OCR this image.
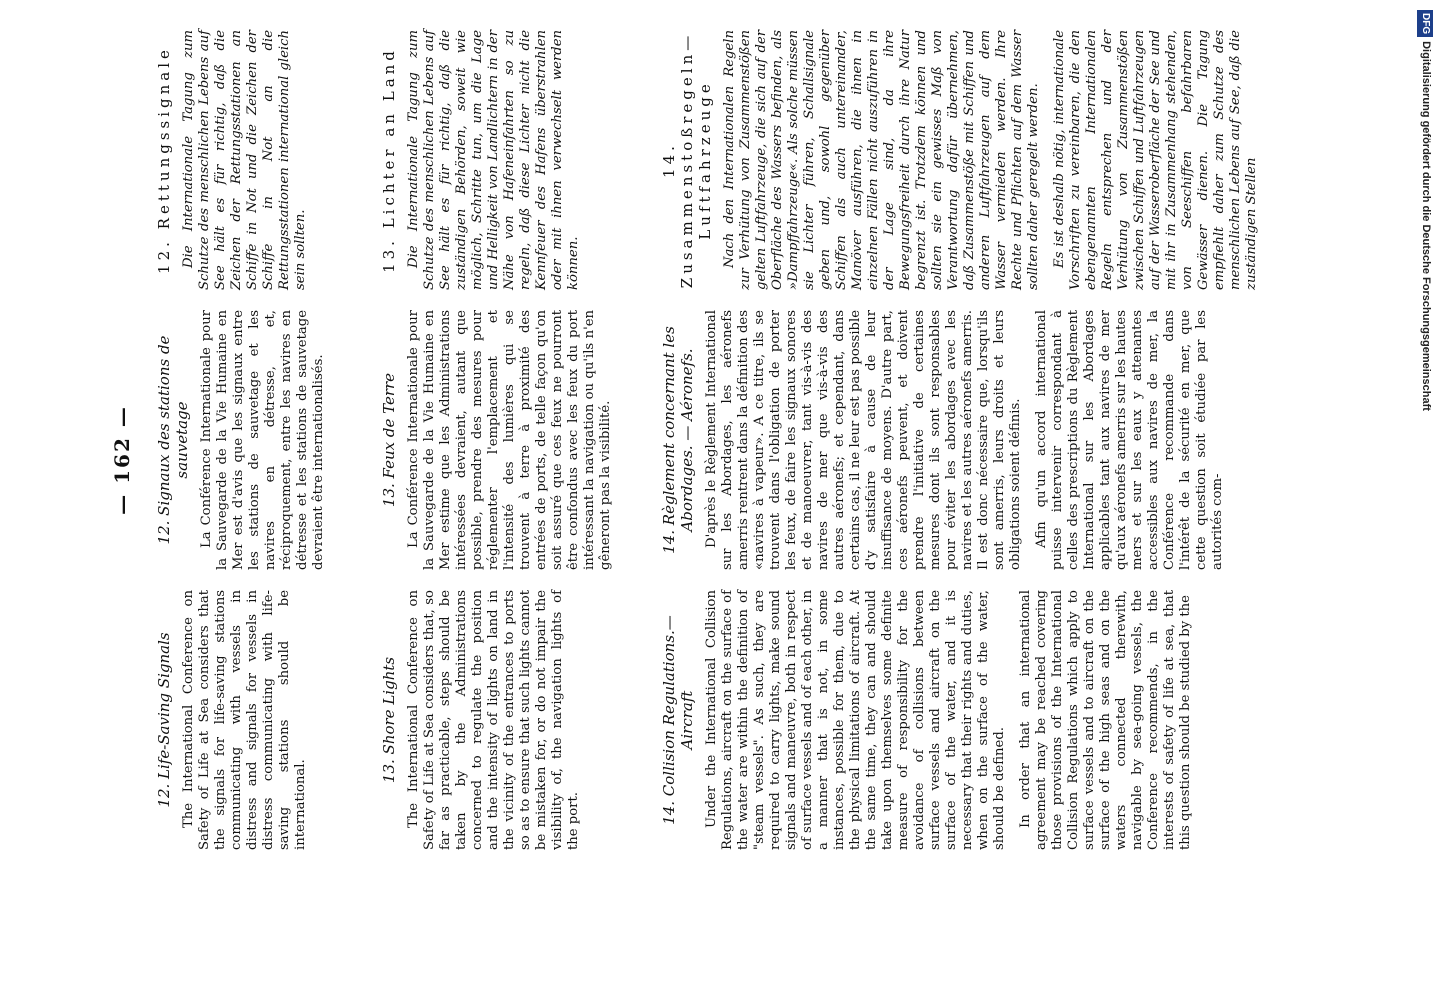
— 162 —
12. Life-Saving Signals The International Conference on Safety of Life at Sea considers that the signals for life-saving stations communicating with vessels in distress and signals for vessels in distress communicating with life-saving stations should be international.

12. Signaux des stations de sauvetage La Conférence Internationale pour la Sauvegarde de la Vie Humaine en Mer est d'avis que les signaux entre les stations de sauvetage et les navires en détresse, et, réciproquement, entre les navires en détresse et les stations de sauvetage devraient être internationalisés.

12. Rettungssignale Die Internationale Tagung zum Schutze des menschlichen Lebens auf See hält es für richtig, daß die Zeichen der Rettungsstationen an Schiffe in Not und die Zeichen der Schiffe in Not an die Rettungsstationen international gleich sein sollten.

13. Shore Lights The International Conference on Safety of Life at Sea considers that, so far as practicable, steps should be taken by the Administrations concerned to regulate the position and the intensity of lights on land in the vicinity of the entrances to ports so as to ensure that such lights cannot be mistaken for, or do not impair the visibility of, the navigation lights of the port.

13. Feux de Terre La Conférence Internationale pour la Sauvegarde de la Vie Humaine en Mer estime que les Administrations intéressées devraient, autant que possible, prendre des mesures pour réglementer l'emplacement et l'intensité des lumières qui se trouvent à terre à proximité des entrées de ports, de telle façon qu'on soit assuré que ces feux ne pourront être confondus avec les feux du port intéressant la navigation ou qu'ils n'en gêneront pas la visibilité.

13. Lichter an Land Die Internationale Tagung zum Schutze des menschlichen Lebens auf See hält es für richtig, daß die zuständigen Behörden, soweit wie möglich, Schritte tun, um die Lage und Helligkeit von Landlichtern in der Nähe von Hafeneinfahrten so zu regeln, daß diese Lichter nicht die Kennfeuer des Hafens überstrahlen oder mit ihnen verwechselt werden können.

14. Collision Regulations.— Aircraft Under the International Collision Regulations, aircraft on the surface of the water are within the definition of "steam vessels". As such, they are required to carry lights, make sound signals and maneuvre, both in respect of surface vessels and of each other, in a manner that is not, in some instances, possible for them, due to the physical limitations of aircraft. At the same time, they can and should take upon themselves some definite measure of responsibility for the avoidance of collisions between surface vessels and aircraft on the surface of the water, and it is necessary that their rights and duties, when on the surface of the water, should be defined. In order that an international agreement may be reached covering those provisions of the International Collision Regulations which apply to surface vessels and to aircraft on the surface of the high seas and on the waters connected therewith, navigable by sea-going vessels, the Conference recommends, in the interests of safety of life at sea, that this question should be studied by the

14. Règlement concernant les Abordages. — Aéronefs. D'après le Règlement International sur les Abordages, les aéronefs amerris rentrent dans la définition des «navires à vapeur». A ce titre, ils se trouvent dans l'obligation de porter les feux, de faire les signaux sonores et de manoeuvrer, tant vis-à-vis des navires de mer que vis-à-vis des autres aéronefs; et cependant, dans certains cas, il ne leur est pas possible d'y satisfaire à cause de leur insuffisance de moyens. D'autre part, ces aéronefs peuvent, et doivent prendre l'initiative de certaines mesures dont ils sont responsables pour éviter les abordages avec les navires et les autres aéronefs amerris. Il est donc nécessaire que, lorsqu'ils sont amerris, leurs droits et leurs obligations soient définis. Afin qu'un accord international puisse intervenir correspondant à celles des prescriptions du Règlement International sur les Abordages applicables tant aux navires de mer qu'aux aéronefs amerris sur les hautes mers et sur les eaux y attenantes accessibles aux navires de mer, la Conférence recommande dans l'intérêt de la sécurité en mer, que cette question soit étudiée par les autorités com-

14. Zusammenstoßregeln— Luftfahrzeuge Nach den Internationalen Regeln zur Verhütung von Zusammenstößen gelten Luftfahrzeuge, die sich auf der Oberfläche des Wassers befinden, als »Dampffahrzeuge«. Als solche müssen sie Lichter führen, Schallsignale geben und, sowohl gegenüber Schiffen als auch untereinander, Manöver ausführen, die ihnen in einzelnen Fällen nicht auszuführen in der Lage sind, da ihre Bewegungsfreiheit durch ihre Natur begrenzt ist. Trotzdem können und sollten sie ein gewisses Maß von Verantwortung dafür übernehmen, daß Zusammenstöße mit Schiffen und anderen Luftfahrzeugen auf dem Wasser vermieden werden. Ihre Rechte und Pflichten auf dem Wasser sollten daher geregelt werden. Es ist deshalb nötig, internationale Vorschriften zu vereinbaren, die den ebengenannten Internationalen Regeln entsprechen und der Verhütung von Zusammenstößen zwischen Schiffen und Luftfahrzeugen auf der Wasseroberfläche der See und mit ihr in Zusammenhang stehenden, von Seeschiffen befahrbaren Gewässer dienen. Die Tagung empfiehlt daher zum Schutze des menschlichen Lebens auf See, daß die zuständigen Stellen

DFGDigitalisierung gefördert durch die Deutsche Forschungsgemeinschaft
